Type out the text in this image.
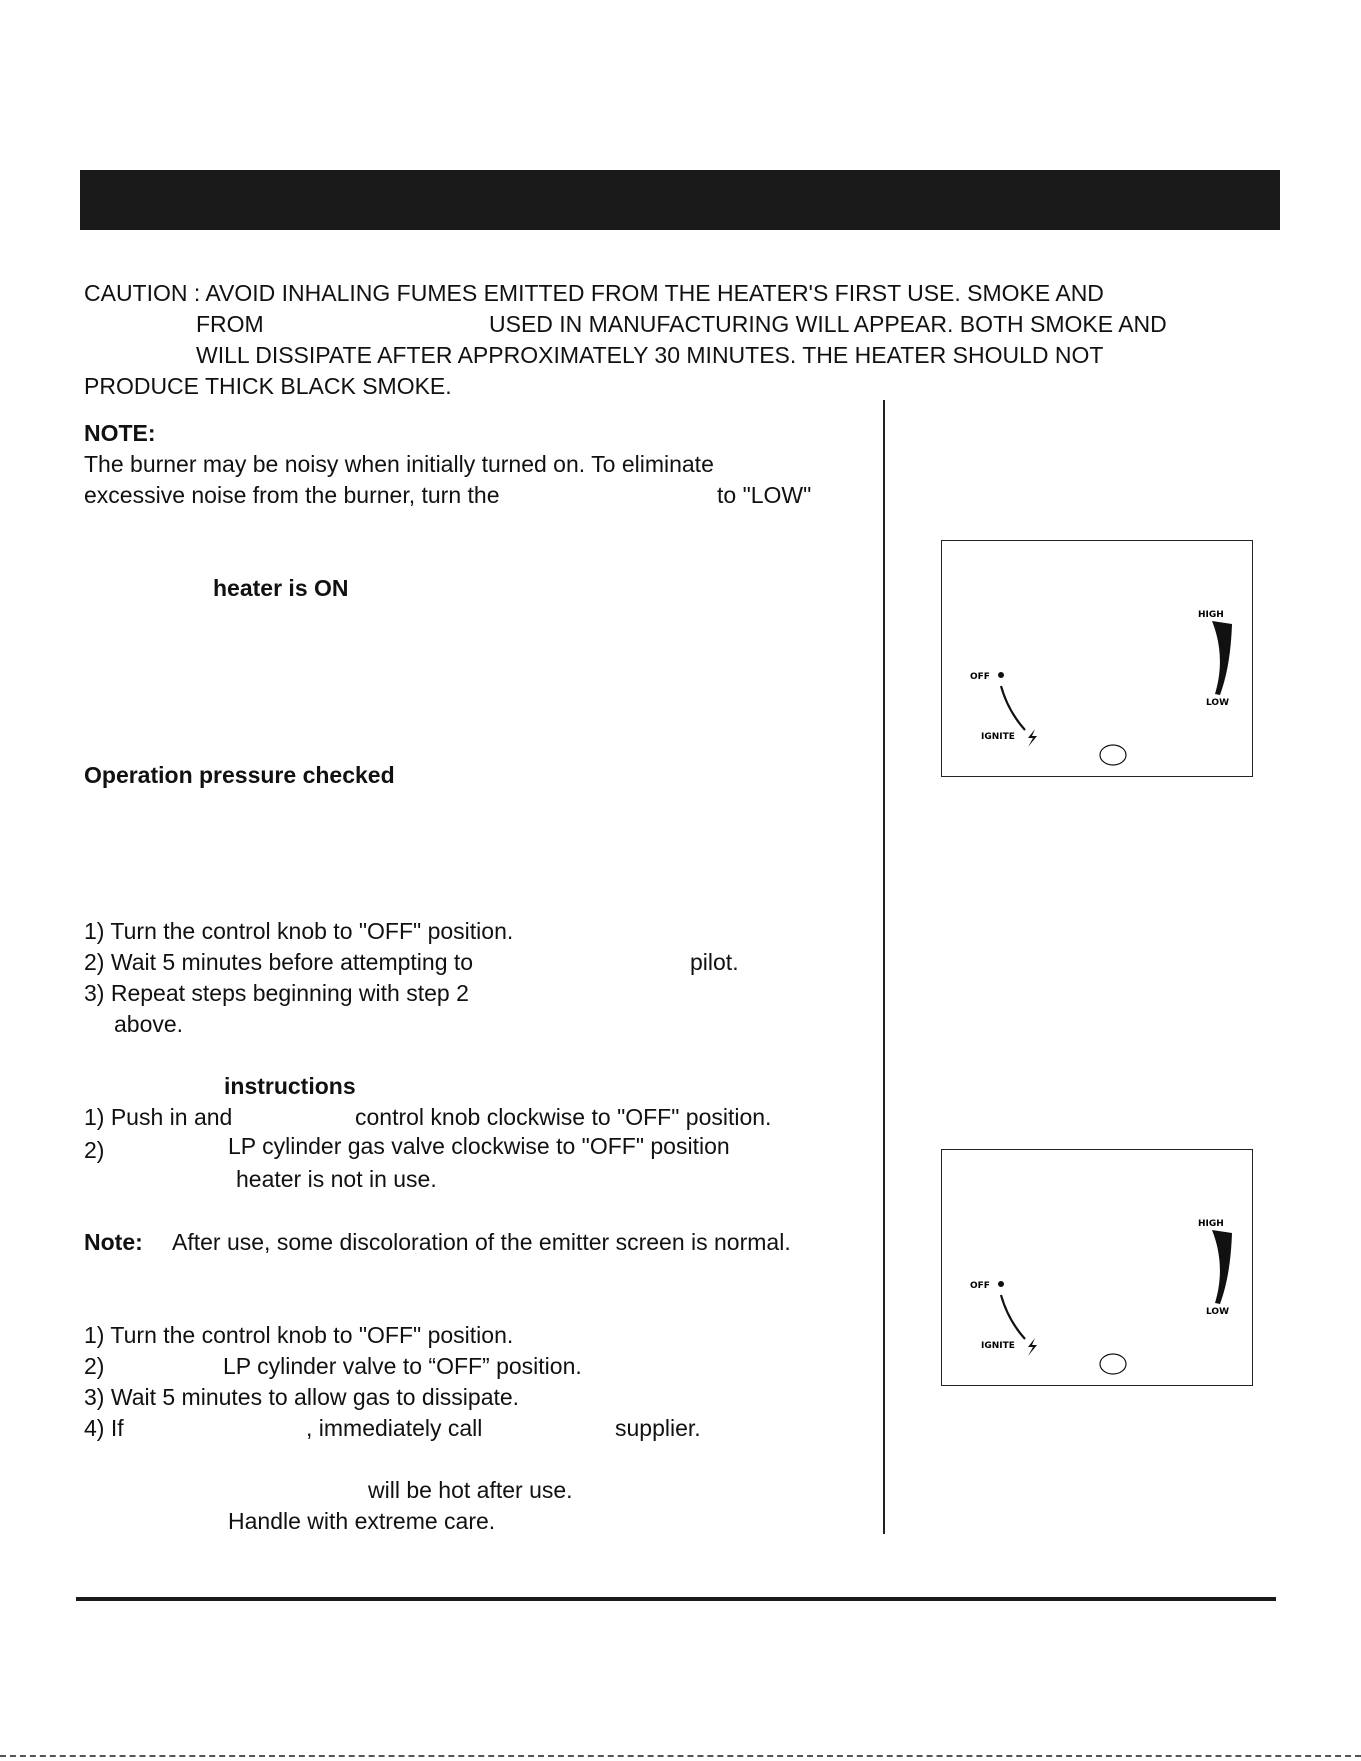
CAUTION : AVOID INHALING FUMES EMITTED FROM THE HEATER'S FIRST USE. SMOKE AND
FROM	USED IN MANUFACTURING WILL APPEAR. BOTH SMOKE AND
WILL DISSIPATE AFTER APPROXIMATELY 30 MINUTES. THE HEATER SHOULD NOT
PRODUCE THICK BLACK SMOKE.
NOTE:
The burner may be noisy when initially turned on. To eliminate
excessive noise from the burner, turn the	to "LOW"
heater is ON
Operation pressure checked
1) Turn the control knob to "OFF" position.
2) Wait 5 minutes before attempting to	pilot.
3) Repeat steps beginning with step 2
above.
instructions
1) Push in and	control knob clockwise to "OFF" position.
2)	LP cylinder gas valve clockwise to "OFF" position
heater is not in use.
Note: After use, some discoloration of the emitter screen is normal.
1) Turn the control knob to "OFF" position.
2)	LP cylinder valve to “OFF” position.
3) Wait 5 minutes to allow gas to dissipate.
4) If	, immediately call	supplier.
will be hot after use.
Handle with extreme care.
HIGH
LOW
OFF
IGNITE
HIGH
LOW
OFF
IGNITE
